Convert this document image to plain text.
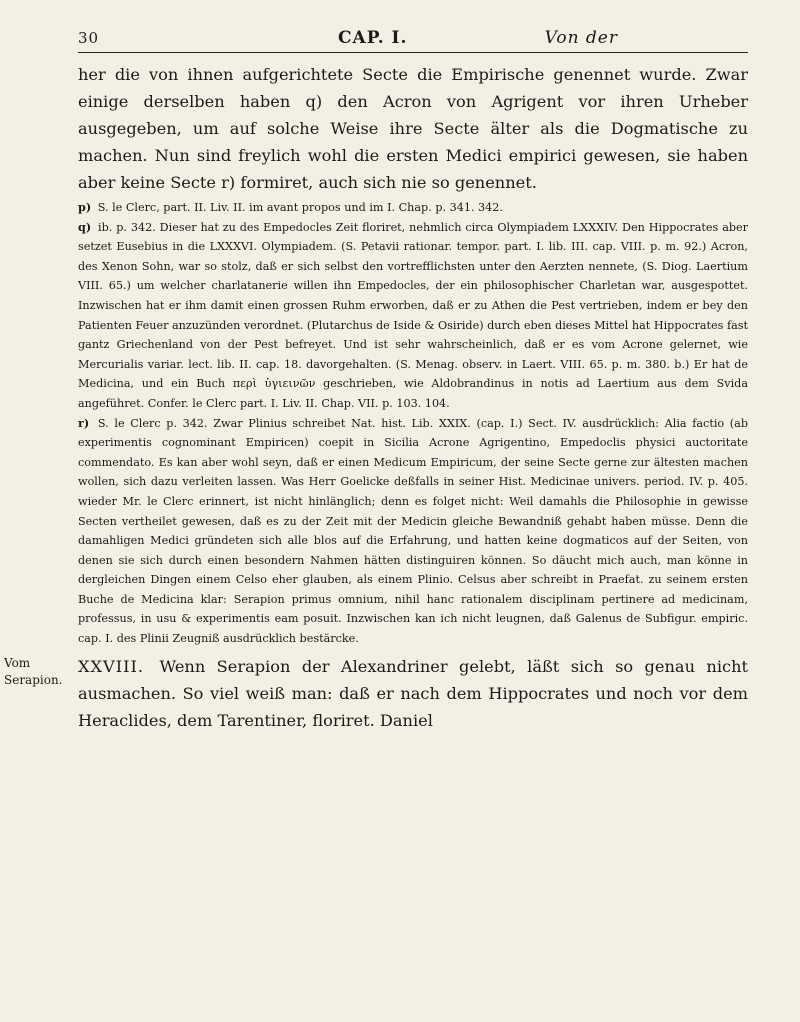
30	CAP. I.	Von der

her die von ihnen aufgerichtete Secte die Empirische genennet wurde. Zwar einige derselben haben q) den Acron von Agrigent vor ihren Urheber ausgegeben, um auf solche Weise ihre Secte älter als die Dogmatische zu machen. Nun sind freylich wohl die ersten Medici empirici gewesen, sie haben aber keine Secte r) formiret, auch sich nie so genennet.

p) S. le Clerc, part. II. Liv. II. im avant propos und im I. Chap. p. 341. 342.

q) ib. p. 342. Dieser hat zu des Empedocles Zeit floriret, nehmlich circa Olympiadem LXXXIV. Den Hippocrates aber setzet Eusebius in die LXXXVI. Olympiadem. (S. Petavii rationar. tempor. part. I. lib. III. cap. VIII. p. m. 92.) Acron, des Xenon Sohn, war so stolz, daß er sich selbst den vortrefflichsten unter den Aerzten nennete, (S. Diog. Laertium VIII. 65.) um welcher charlatanerie willen ihn Empedocles, der ein philosophischer Charletan war, ausgespottet. Inzwischen hat er ihm damit einen grossen Ruhm erworben, daß er zu Athen die Pest vertrieben, indem er bey den Patienten Feuer anzuzünden verordnet. (Plutarchus de Iside & Osiride) durch eben dieses Mittel hat Hippocrates fast gantz Griechenland von der Pest befreyet. Und ist sehr wahrscheinlich, daß er es vom Acrone gelernet, wie Mercurialis variar. lect. lib. II. cap. 18. davorgehalten. (S. Menag. observ. in Laert. VIII. 65. p. m. 380. b.) Er hat de Medicina, und ein Buch περὶ ὑγιεινῶν geschrieben, wie Aldobrandinus in notis ad Laertium aus dem Svida angeführet. Confer. le Clerc part. I. Liv. II. Chap. VII. p. 103. 104.

r) S. le Clerc p. 342. Zwar Plinius schreibet Nat. hist. Lib. XXIX. (cap. I.) Sect. IV. ausdrücklich: Alia factio (ab experimentis cognominant Empiricen) coepit in Sicilia Acrone Agrigentino, Empedoclis physici auctoritate commendato. Es kan aber wohl seyn, daß er einen Medicum Empiricum, der seine Secte gerne zur ältesten machen wollen, sich dazu verleiten lassen. Was Herr Goelicke deßfalls in seiner Hist. Medicinae univers. period. IV. p. 405. wieder Mr. le Clerc erinnert, ist nicht hinlänglich; denn es folget nicht: Weil damahls die Philosophie in gewisse Secten vertheilet gewesen, daß es zu der Zeit mit der Medicin gleiche Bewandniß gehabt haben müsse. Denn die damahligen Medici gründeten sich alle blos auf die Erfahrung, und hatten keine dogmaticos auf der Seiten, von denen sie sich durch einen besondern Nahmen hätten distinguiren können. So däucht mich auch, man könne in dergleichen Dingen einem Celso eher glauben, als einem Plinio. Celsus aber schreibt in Praefat. zu seinem ersten Buche de Medicina klar: Serapion primus omnium, nihil hanc rationalem disciplinam pertinere ad medicinam, professus, in usu & experimentis eam posuit. Inzwischen kan ich nicht leugnen, daß Galenus de Subfigur. empiric. cap. I. des Plinii Zeugniß ausdrücklich bestärcke.

Vom Serapion.

XXVIII. Wenn Serapion der Alexandriner gelebt, läßt sich so genau nicht ausmachen. So viel weiß man: daß er nach dem Hippocrates und noch vor dem Heraclides, dem Tarentiner, floriret. Daniel
